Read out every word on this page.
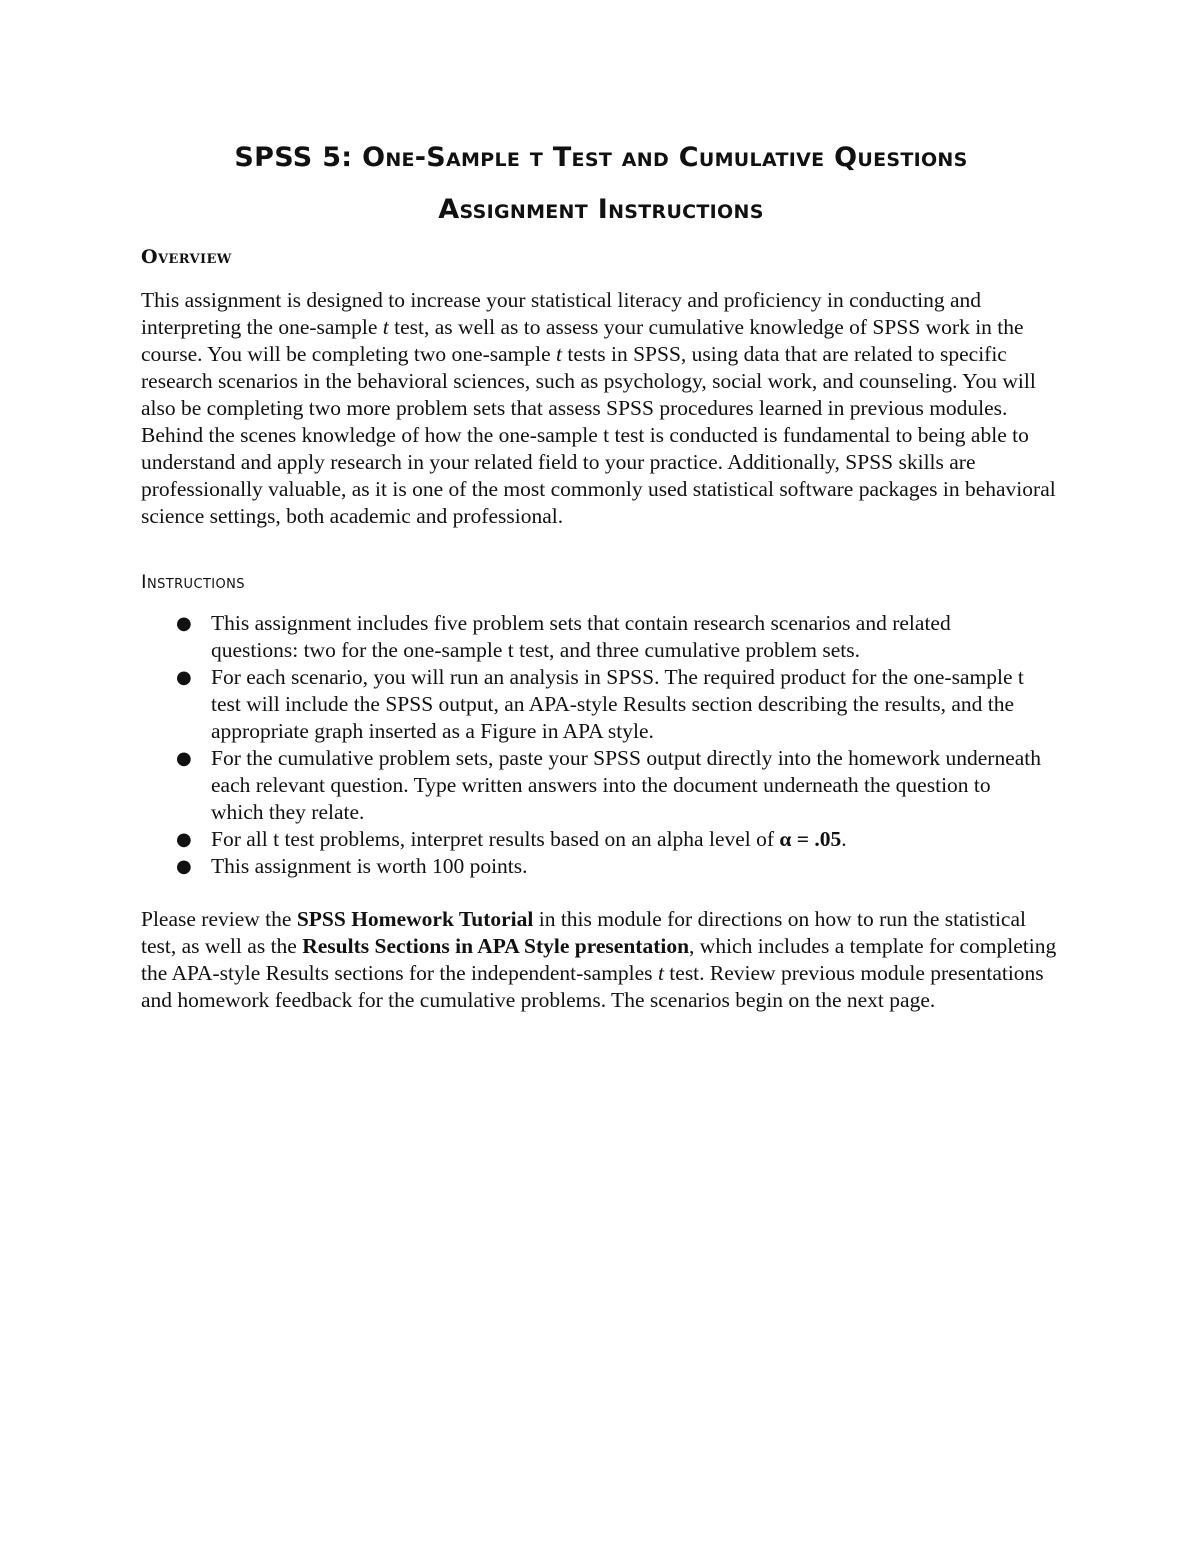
SPSS 5: One-Sample t Test and Cumulative Questions
Assignment Instructions
Overview

This assignment is designed to increase your statistical literacy and proficiency in conducting and interpreting the one-sample t test, as well as to assess your cumulative knowledge of SPSS work in the course. You will be completing two one-sample t tests in SPSS, using data that are related to specific research scenarios in the behavioral sciences, such as psychology, social work, and counseling. You will also be completing two more problem sets that assess SPSS procedures learned in previous modules. Behind the scenes knowledge of how the one-sample t test is conducted is fundamental to being able to understand and apply research in your related field to your practice. Additionally, SPSS skills are professionally valuable, as it is one of the most commonly used statistical software packages in behavioral science settings, both academic and professional.

Instructions
● This assignment includes five problem sets that contain research scenarios and related questions: two for the one-sample t test, and three cumulative problem sets.
● For each scenario, you will run an analysis in SPSS. The required product for the one-sample t test will include the SPSS output, an APA-style Results section describing the results, and the appropriate graph inserted as a Figure in APA style.
● For the cumulative problem sets, paste your SPSS output directly into the homework underneath each relevant question. Type written answers into the document underneath the question to which they relate.
● For all t test problems, interpret results based on an alpha level of α = .05.
● This assignment is worth 100 points.

Please review the SPSS Homework Tutorial in this module for directions on how to run the statistical test, as well as the Results Sections in APA Style presentation, which includes a template for completing the APA-style Results sections for the independent-samples t test. Review previous module presentations and homework feedback for the cumulative problems. The scenarios begin on the next page.
